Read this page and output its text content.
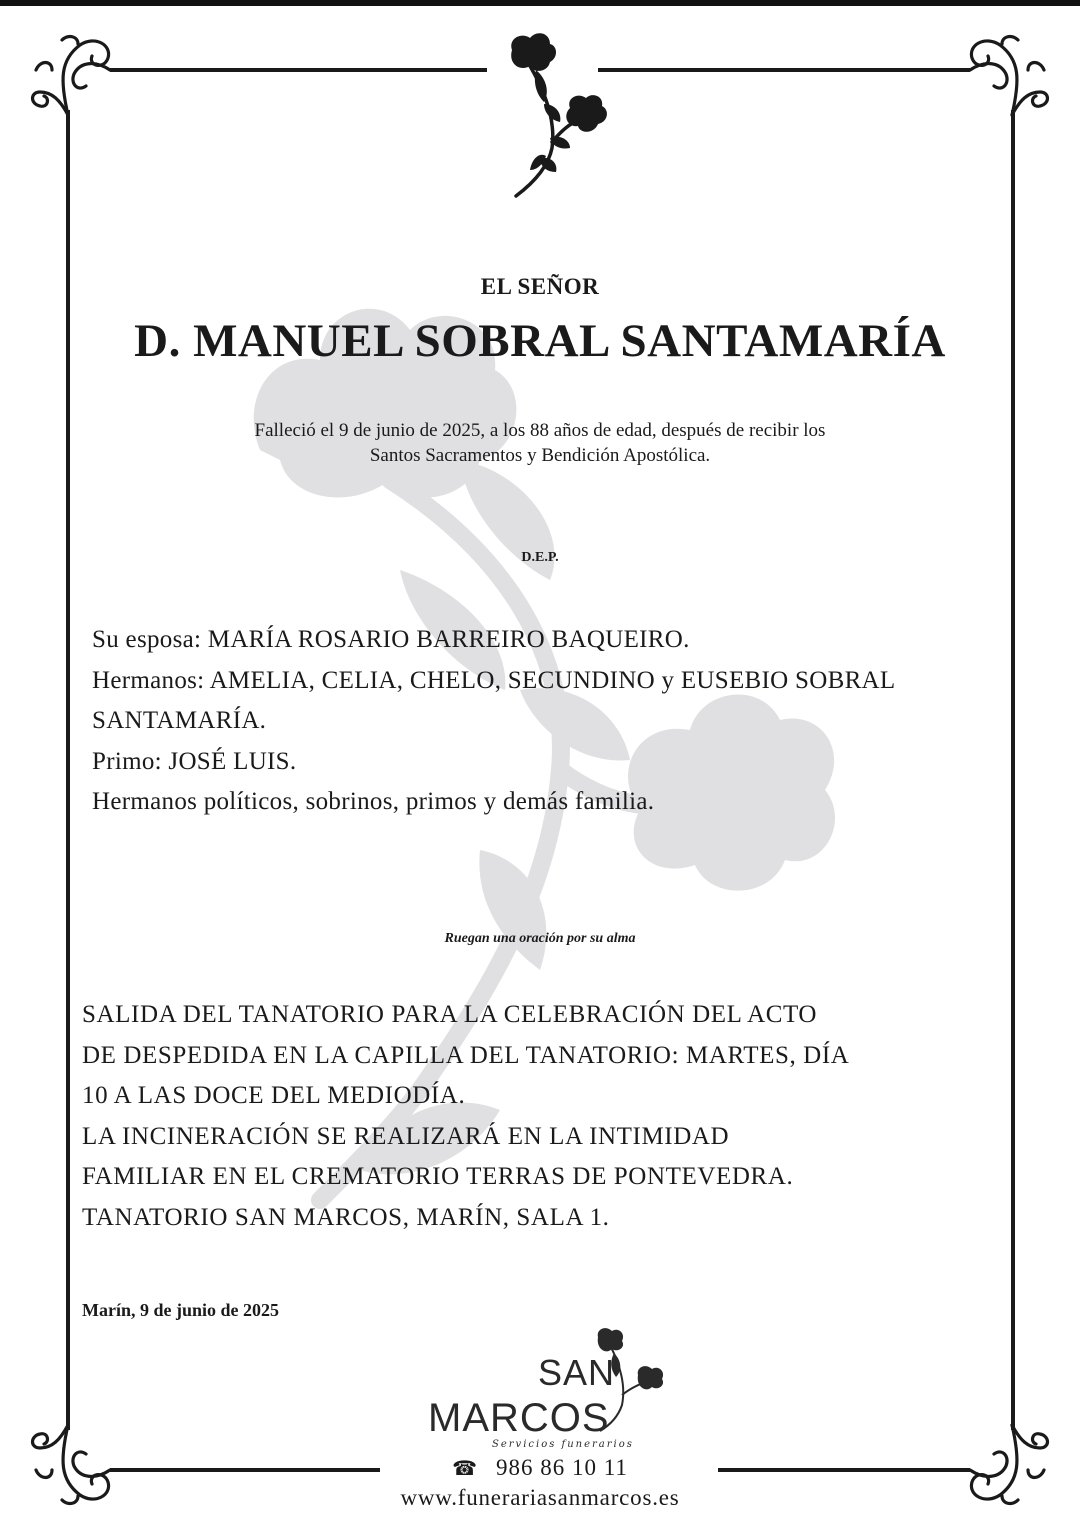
EL SEÑOR
D. MANUEL SOBRAL SANTAMARÍA
Falleció el 9 de junio de 2025, a los 88 años de edad, después de recibir los
Santos Sacramentos y Bendición Apostólica.
D.E.P.
Su esposa: MARÍA ROSARIO BARREIRO BAQUEIRO.
Hermanos: AMELIA, CELIA, CHELO, SECUNDINO y EUSEBIO SOBRAL
SANTAMARÍA.
Primo: JOSÉ LUIS.
Hermanos políticos, sobrinos, primos y demás familia.
Ruegan una oración por su alma
SALIDA DEL TANATORIO PARA LA CELEBRACIÓN DEL ACTO
DE DESPEDIDA EN LA CAPILLA DEL TANATORIO: MARTES, DÍA
10 A LAS DOCE DEL MEDIODÍA.
LA INCINERACIÓN SE REALIZARÁ EN LA INTIMIDAD
FAMILIAR EN EL CREMATORIO TERRAS DE PONTEVEDRA.
TANATORIO SAN MARCOS, MARÍN, SALA 1.
Marín, 9 de junio de 2025
SAN
MARCOS
Servicios funerarios
☎ 986 86 10 11
www.funerariasanmarcos.es
